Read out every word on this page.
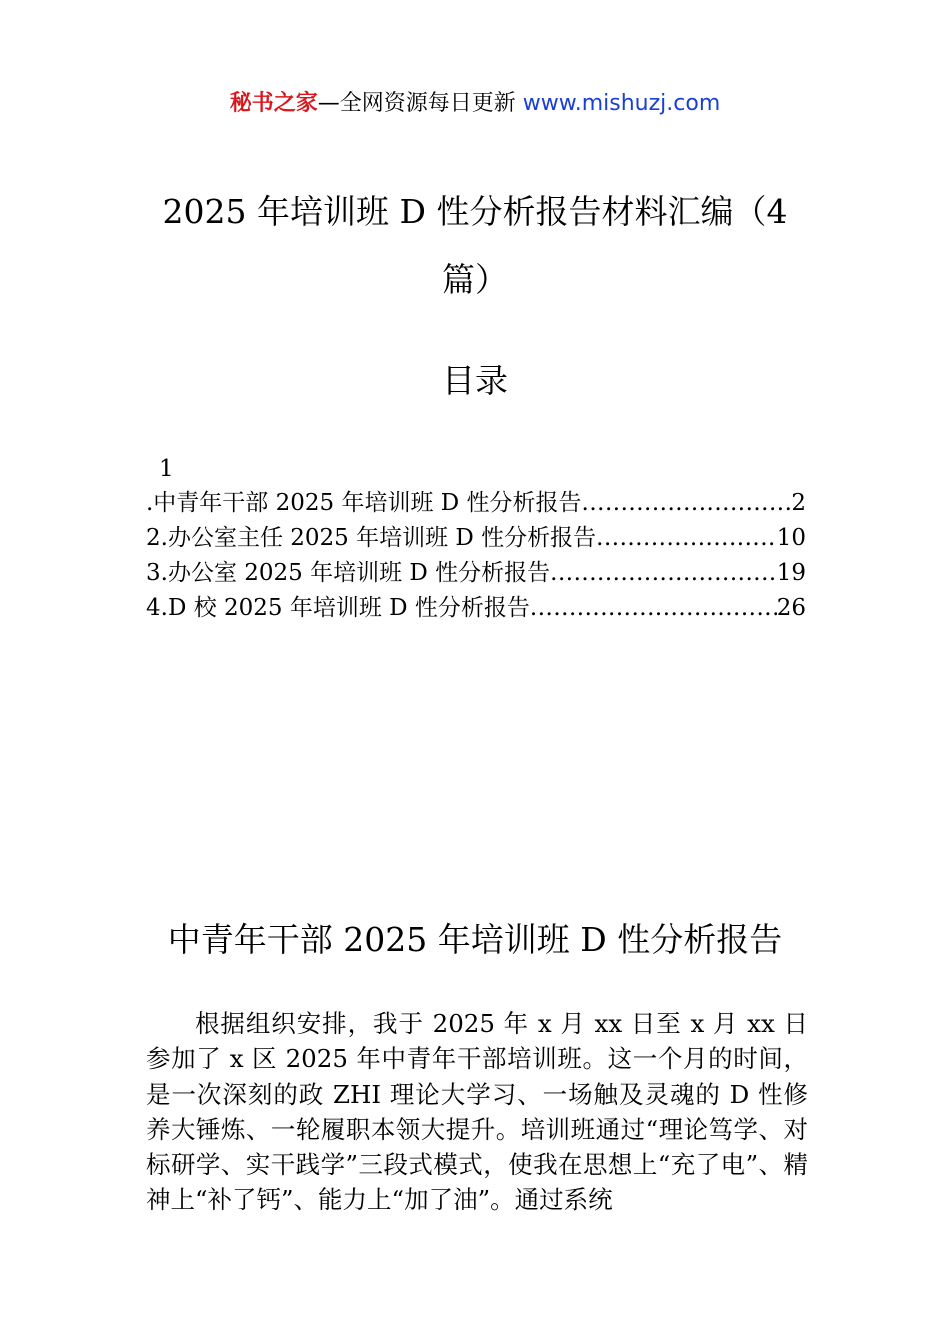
秘书之家—全网资源每日更新 www.mishuzj.com
2025 年培训班 D 性分析报告材料汇编（4篇）
目录
1
.中青年干部 2025 年培训班 D 性分析报告 .....	2
2.办公室主任 2025 年培训班 D 性分析报告 .....	10
3.办公室 2025 年培训班 D 性分析报告 .....	19
4.D 校 2025 年培训班 D 性分析报告 .....	26
中青年干部 2025 年培训班 D 性分析报告
根据组织安排，我于 2025 年 x 月 xx 日至 x 月 xx 日参加了 x 区 2025 年中青年干部培训班。这一个月的时间，是一次深刻的政 ZHI 理论大学习、一场触及灵魂的 D 性修养大锤炼、一轮履职本领大提升。培训班通过“理论笃学、对标研学、实干践学”三段式模式，使我在思想上“充了电”、精神上“补了钙”、能力上“加了油”。通过系统
